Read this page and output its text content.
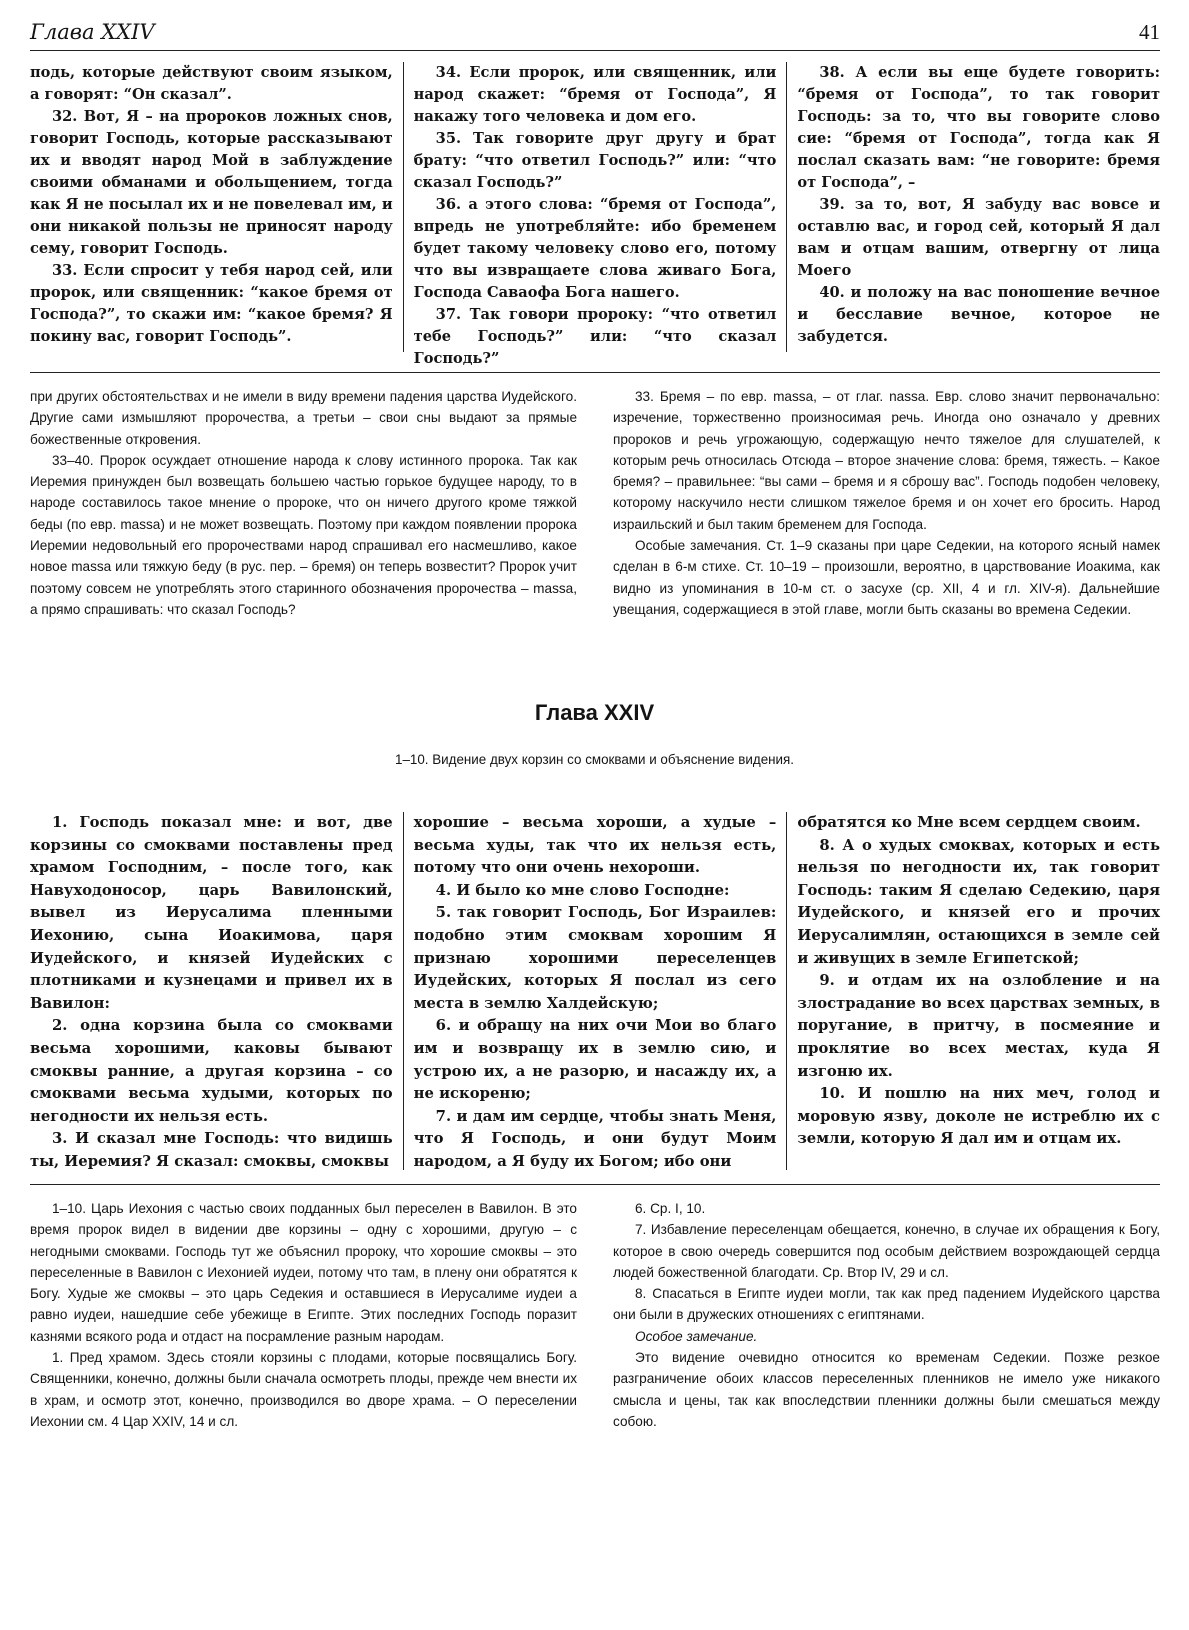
Глава XXIV	41

подь, которые действуют своим языком, а говорят: “Он сказал”.

32. Вот, Я – на пророков ложных снов, говорит Господь, которые рассказывают их и вводят народ Мой в заблуждение своими обманами и обольщением, тогда как Я не посылал их и не повелевал им, и они никакой пользы не приносят народу сему, говорит Господь.

33. Если спросит у тебя народ сей, или пророк, или священник: “какое бремя от Господа?”, то скажи им: “какое бремя? Я покину вас, говорит Господь”.

34. Если пророк, или священник, или народ скажет: “бремя от Господа”, Я накажу того человека и дом его.

35. Так говорите друг другу и брат брату: “что ответил Господь?” или: “что сказал Господь?”

36. а этого слова: “бремя от Господа”, впредь не употребляйте: ибо бременем будет такому человеку слово его, потому что вы извращаете слова живаго Бога, Господа Саваофа Бога нашего.

37. Так говори пророку: “что ответил тебе Господь?” или: “что сказал Господь?”

38. А если вы еще будете говорить: “бремя от Господа”, то так говорит Господь: за то, что вы говорите слово сие: “бремя от Господа”, тогда как Я послал сказать вам: “не говорите: бремя от Господа”, –

39. за то, вот, Я забуду вас вовсе и оставлю вас, и город сей, который Я дал вам и отцам вашим, отвергну от лица Моего

40. и положу на вас поношение вечное и бесславие вечное, которое не забудется.

при других обстоятельствах и не имели в виду времени падения царства Иудейского. Другие сами измышляют пророчества, а третьи – свои сны выдают за прямые божественные откровения.

33–40. Пророк осуждает отношение народа к слову истинного пророка. Так как Иеремия принужден был возвещать большею частью горькое будущее народу, то в народе составилось такое мнение о пророке, что он ничего другого кроме тяжкой беды (по евр. massa) и не может возвещать. Поэтому при каждом появлении пророка Иеремии недовольный его пророчествами народ спрашивал его насмешливо, какое новое massa или тяжкую беду (в рус. пер. – бремя) он теперь возвестит? Пророк учит поэтому совсем не употреблять этого старинного обозначения пророчества – massa, а прямо спрашивать: что сказал Господь?

33. Бремя – по евр. massa, – от глаг. nassa. Евр. слово значит первоначально: изречение, торжественно произносимая речь. Иногда оно означало у древних пророков и речь угрожающую, содержащую нечто тяжелое для слушателей, к которым речь относилась Отсюда – второе значение слова: бремя, тяжесть. – Какое бремя? – правильнее: “вы сами – бремя и я сброшу вас”. Господь подобен человеку, которому наскучило нести слишком тяжелое бремя и он хочет его бросить. Народ израильский и был таким бременем для Господа.

Особые замечания. Ст. 1–9 сказаны при царе Седекии, на которого ясный намек сделан в 6-м стихе. Ст. 10–19 – произошли, вероятно, в царствование Иоакима, как видно из упоминания в 10-м ст. о засухе (ср. XII, 4 и гл. XIV-я). Дальнейшие увещания, содержащиеся в этой главе, могли быть сказаны во времена Седекии.

Глава XXIV
1–10. Видение двух корзин со смоквами и объяснение видения.

1. Господь показал мне: и вот, две корзины со смоквами поставлены пред храмом Господним, – после того, как Навуходоносор, царь Вавилонский, вывел из Иерусалима пленными Иехонию, сына Иоакимова, царя Иудейского, и князей Иудейских с плотниками и кузнецами и привел их в Вавилон:

2. одна корзина была со смоквами весьма хорошими, каковы бывают смоквы ранние, а другая корзина – со смоквами весьма худыми, которых по негодности их нельзя есть.

3. И сказал мне Господь: что видишь ты, Иеремия? Я сказал: смоквы, смоквы

хорошие – весьма хороши, а худые – весьма худы, так что их нельзя есть, потому что они очень нехороши.

4. И было ко мне слово Господне:

5. так говорит Господь, Бог Израилев: подобно этим смоквам хорошим Я признаю хорошими переселенцев Иудейских, которых Я послал из сего места в землю Халдейскую;

6. и обращу на них очи Мои во благо им и возвращу их в землю сию, и устрою их, а не разорю, и насажду их, а не искореню;

7. и дам им сердце, чтобы знать Меня, что Я Господь, и они будут Моим народом, а Я буду их Богом; ибо они

обратятся ко Мне всем сердцем своим.

8. А о худых смоквах, которых и есть нельзя по негодности их, так говорит Господь: таким Я сделаю Седекию, царя Иудейского, и князей его и прочих Иерусалимлян, остающихся в земле сей и живущих в земле Египетской;

9. и отдам их на озлобление и на злострадание во всех царствах земных, в поругание, в притчу, в посмеяние и проклятие во всех местах, куда Я изгоню их.

10. И пошлю на них меч, голод и моровую язву, доколе не истреблю их с земли, которую Я дал им и отцам их.

1–10. Царь Иехония с частью своих подданных был переселен в Вавилон. В это время пророк видел в видении две корзины – одну с хорошими, другую – с негодными смоквами. Господь тут же объяснил пророку, что хорошие смоквы – это переселенные в Вавилон с Иехонией иудеи, потому что там, в плену они обратятся к Богу. Худые же смоквы – это царь Седекия и оставшиеся в Иерусалиме иудеи а равно иудеи, нашедшие себе убежище в Египте. Этих последних Господь поразит казнями всякого рода и отдаст на посрамление разным народам.

1. Пред храмом. Здесь стояли корзины с плодами, которые посвящались Богу. Священники, конечно, должны были сначала осмотреть плоды, прежде чем внести их в храм, и осмотр этот, конечно, производился во дворе храма. – О переселении Иехонии см. 4 Цар XXIV, 14 и сл.

6. Ср. I, 10.

7. Избавление переселенцам обещается, конечно, в случае их обращения к Богу, которое в свою очередь совершится под особым действием возрождающей сердца людей божественной благодати. Ср. Втор IV, 29 и сл.

8. Спасаться в Египте иудеи могли, так как пред падением Иудейского царства они были в дружеских отношениях с египтянами.

Особое замечание.

Это видение очевидно относится ко временам Седекии. Позже резкое разграничение обоих классов переселенных пленников не имело уже никакого смысла и цены, так как впоследствии пленники должны были смешаться между собою.
